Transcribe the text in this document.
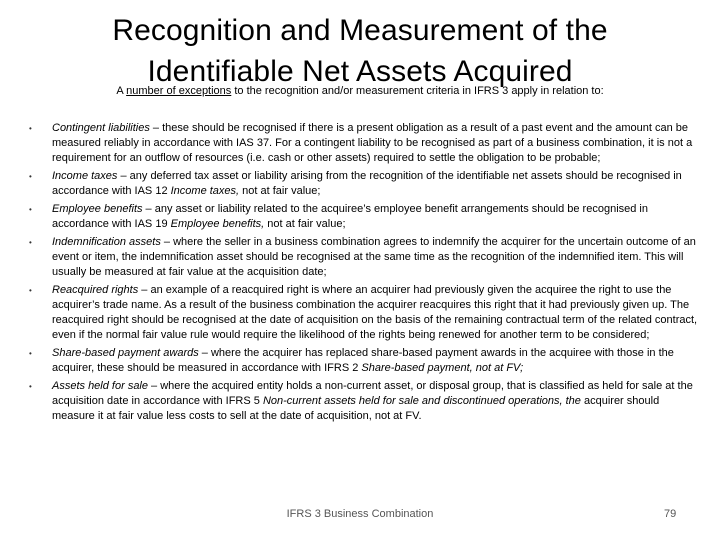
Recognition and Measurement of the
Identifiable Net Assets Acquired

A number of exceptions to the recognition and/or measurement criteria in IFRS 3 apply in relation to:

• Contingent liabilities – these should be recognised if there is a present obligation as a result of a past event and the amount can be measured reliably in accordance with IAS 37. For a contingent liability to be recognised as part of a business combination, it is not a requirement for an outflow of resources (i.e. cash or other assets) required to settle the obligation to be probable;
• Income taxes – any deferred tax asset or liability arising from the recognition of the identifiable net assets should be recognised in accordance with IAS 12 Income taxes, not at fair value;
• Employee benefits – any asset or liability related to the acquiree’s employee benefit arrangements should be recognised in accordance with IAS 19 Employee benefits, not at fair value;
• Indemnification assets – where the seller in a business combination agrees to indemnify the acquirer for the uncertain outcome of an event or item, the indemnification asset should be recognised at the same time as the recognition of the indemnified item. This will usually be measured at fair value at the acquisition date;
• Reacquired rights – an example of a reacquired right is where an acquirer had previously given the acquiree the right to use the acquirer’s trade name. As a result of the business combination the acquirer reacquires this right that it had previously given up. The reacquired right should be recognised at the date of acquisition on the basis of the remaining contractual term of the related contract, even if the normal fair value rule would require the likelihood of the rights being renewed for another term to be considered;
• Share-based payment awards – where the acquirer has replaced share-based payment awards in the acquiree with those in the acquirer, these should be measured in accordance with IFRS 2 Share-based payment, not at FV;
• Assets held for sale – where the acquired entity holds a non-current asset, or disposal group, that is classified as held for sale at the acquisition date in accordance with IFRS 5 Non-current assets held for sale and discontinued operations, the acquirer should measure it at fair value less costs to sell at the date of acquisition, not at FV.
IFRS 3 Business Combination	79
